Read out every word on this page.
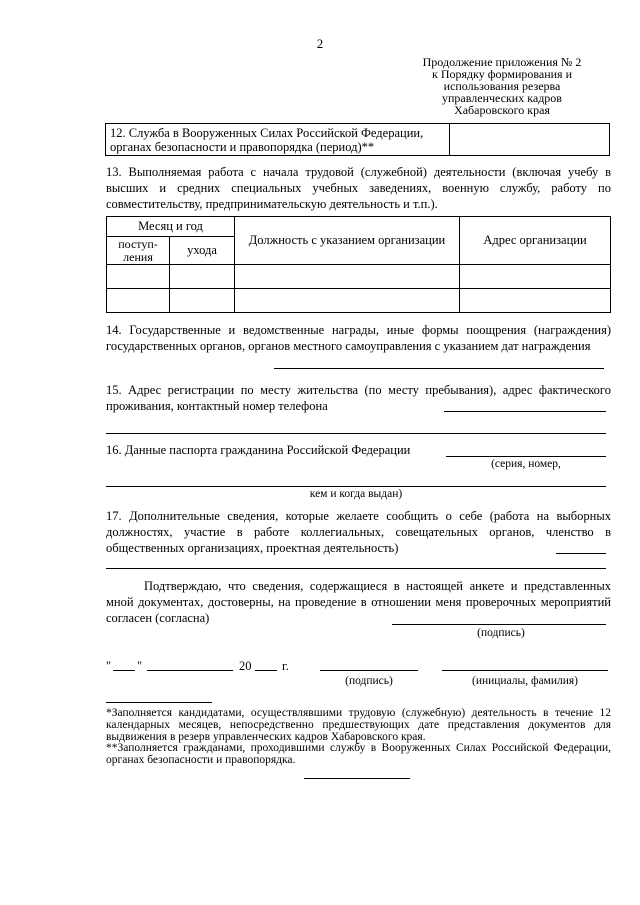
2
Продолжение приложения № 2
к Порядку формирования и
использования резерва
управленческих кадров
Хабаровского края
12. Служба в Вооруженных Силах Российской Федерации,
органах безопасности и правопорядка (период)**
13. Выполняемая работа с начала трудовой (служебной) деятельности (включая учебу в высших и средних специальных учебных заведениях, военную службу, работу по совместительству, предпринимательскую деятельность и т.п.).
Месяц и год		Должность с указанием организации	Адрес организации
поступ-ления	ухода		

14. Государственные и ведомственные награды, иные формы поощрения (награждения) государственных органов, органов местного самоуправления с указанием дат награждения
15. Адрес регистрации по месту жительства (по месту пребывания), адрес фактического проживания, контактный номер телефона
16. Данные паспорта гражданина Российской Федерации
(серия, номер,
кем и когда выдан)
17. Дополнительные сведения, которые желаете сообщить о себе (работа на выборных должностях, участие в работе коллегиальных, совещательных органов, членство в общественных организациях, проектная деятельность)
Подтверждаю, что сведения, содержащиеся в настоящей анкете и представленных мной документах, достоверны, на проведение в отношении меня проверочных мероприятий согласен (согласна)
(подпись)
" "	20 г.
(подпись)	(инициалы, фамилия)
*Заполняется кандидатами, осуществлявшими трудовую (служебную) деятельность в течение 12 календарных месяцев, непосредственно предшествующих дате представления документов для выдвижения в резерв управленческих кадров Хабаровского края.
**Заполняется гражданами, проходившими службу в Вооруженных Силах Российской Федерации, органах безопасности и правопорядка.
